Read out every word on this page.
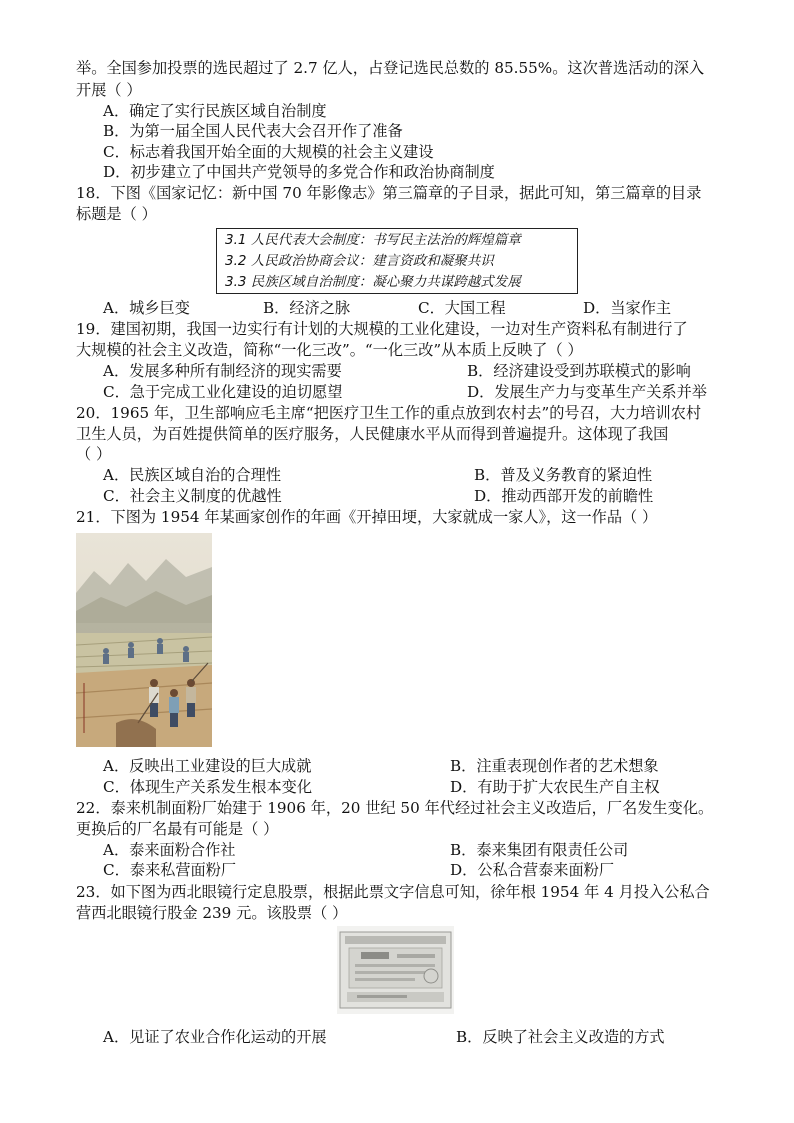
举。全国参加投票的选民超过了 2.7 亿人，占登记选民总数的 85.55%。这次普选活动的深入
开展（ ）
A．确定了实行民族区域自治制度
B．为第一届全国人民代表大会召开作了准备
C．标志着我国开始全面的大规模的社会主义建设
D．初步建立了中国共产党领导的多党合作和政治协商制度
18．下图《国家记忆：新中国 70 年影像志》第三篇章的子目录，据此可知，第三篇章的目录
标题是（ ）
3.1 人民代表大会制度：书写民主法治的辉煌篇章
3.2 人民政治协商会议：建言资政和凝聚共识
3.3 民族区域自治制度：凝心聚力共谋跨越式发展
A．城乡巨变	B．经济之脉	C．大国工程	D．当家作主
19．建国初期，我国一边实行有计划的大规模的工业化建设，一边对生产资料私有制进行了
大规模的社会主义改造，简称“一化三改”。“一化三改”从本质上反映了（ ）
A．发展多种所有制经济的现实需要	B．经济建设受到苏联模式的影响
C．急于完成工业化建设的迫切愿望	D．发展生产力与变革生产关系并举
20．1965 年，卫生部响应毛主席“把医疗卫生工作的重点放到农村去”的号召，大力培训农村
卫生人员，为百姓提供简单的医疗服务，人民健康水平从而得到普遍提升。这体现了我国
（ ）
A．民族区域自治的合理性	B．普及义务教育的紧迫性
C．社会主义制度的优越性	D．推动西部开发的前瞻性
21．下图为 1954 年某画家创作的年画《开掉田埂，大家就成一家人》，这一作品（ ）
A．反映出工业建设的巨大成就	B．注重表现创作者的艺术想象
C．体现生产关系发生根本变化	D．有助于扩大农民生产自主权
22．泰来机制面粉厂始建于 1906 年，20 世纪 50 年代经过社会主义改造后，厂名发生变化。
更换后的厂名最有可能是（ ）
A．泰来面粉合作社	B．泰来集团有限责任公司
C．泰来私营面粉厂	D．公私合营泰来面粉厂
23．如下图为西北眼镜行定息股票，根据此票文字信息可知，徐年根 1954 年 4 月投入公私合
营西北眼镜行股金 239 元。该股票（ ）
A．见证了农业合作化运动的开展	B．反映了社会主义改造的方式
